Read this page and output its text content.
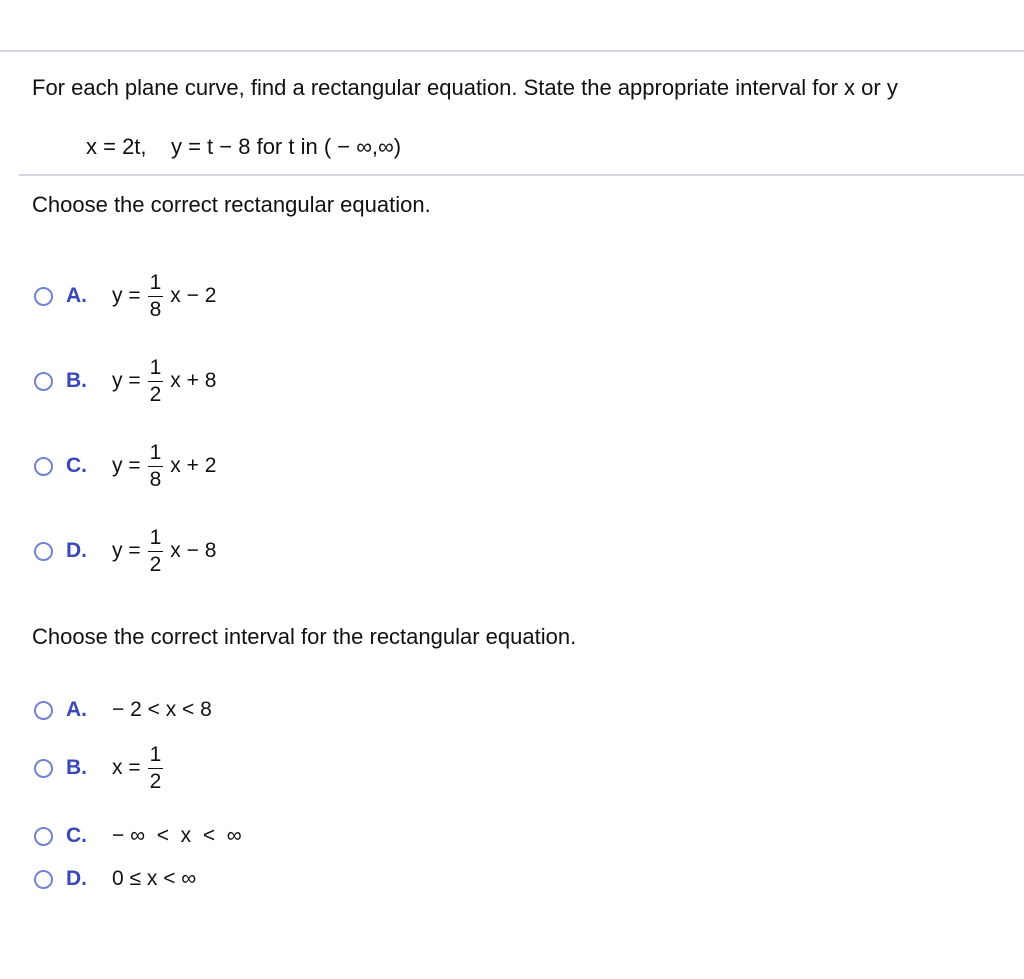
For each plane curve, find a rectangular equation. State the appropriate interval for x or y
x = 2t,    y = t − 8 for t in ( − ∞,∞)
Choose the correct rectangular equation.
A.	$y = \frac{1}{8}$ x − 2
B.	$y = \frac{1}{2}$ x + 8
C.	$y = \frac{1}{8}$ x + 2
D.	$y = \frac{1}{2}$ x − 8
Choose the correct interval for the rectangular equation.
A.	− 2 < x < 8
B.	$x = \frac{1}{2}$
C.	− ∞  <  x  <  ∞
D.	0 ≤ x < ∞
